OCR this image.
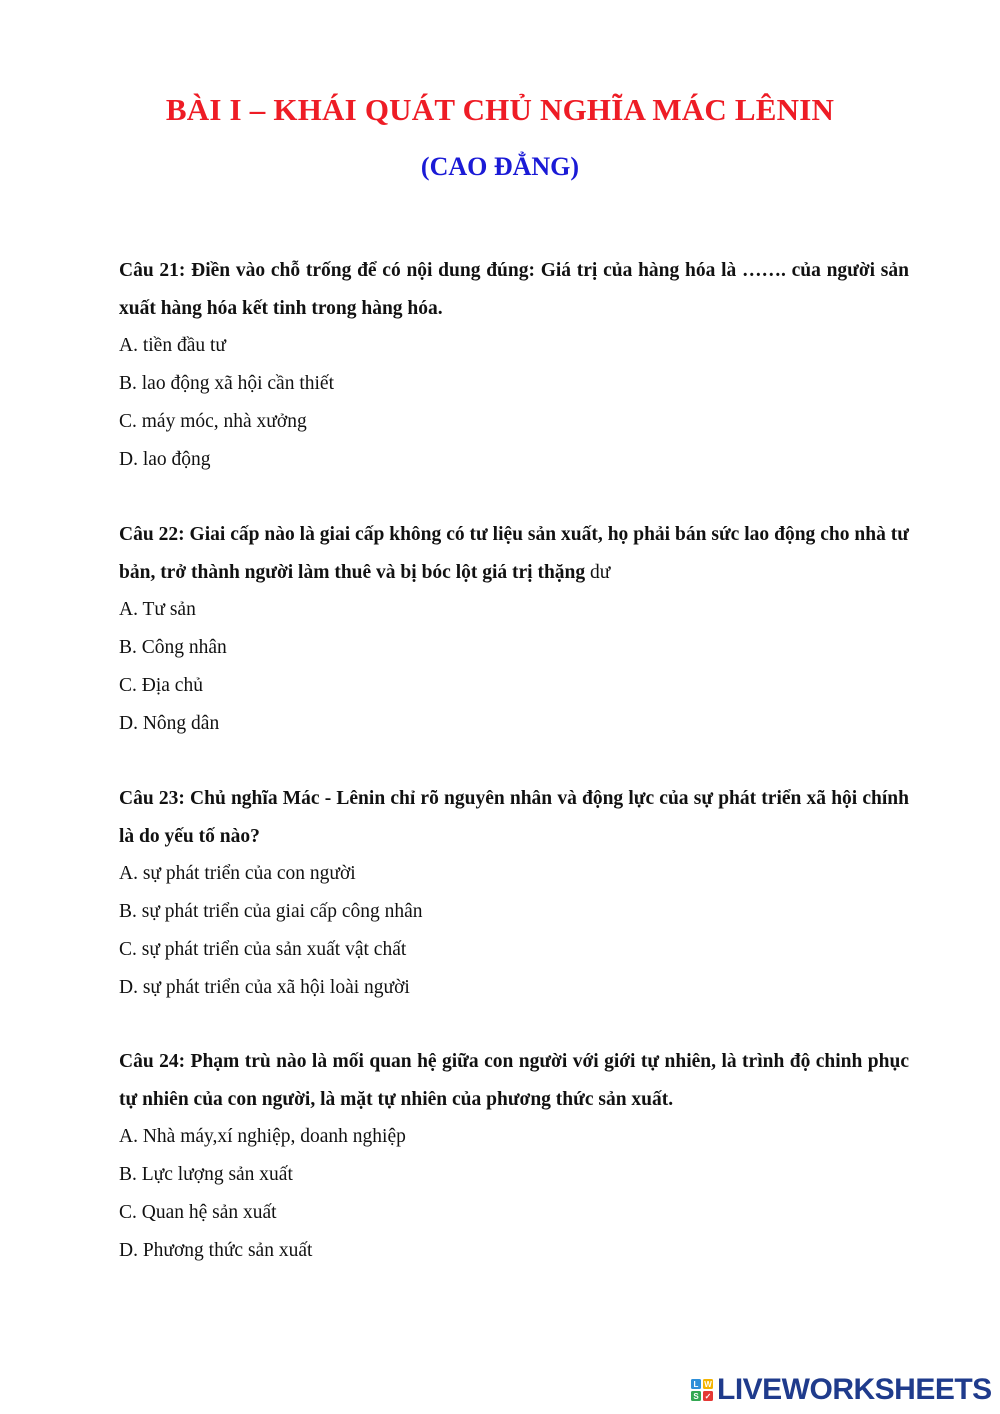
BÀI I – KHÁI QUÁT CHỦ NGHĨA MÁC LÊNIN
(CAO ĐẲNG)
Câu 21: Điền vào chỗ trống để có nội dung đúng: Giá trị của hàng hóa là ……. của người sản xuất hàng hóa kết tinh trong hàng hóa.
A. tiền đầu tư
B. lao động xã hội cần thiết
C. máy móc, nhà xưởng
D. lao động
Câu 22: Giai cấp nào là giai cấp không có tư liệu sản xuất, họ phải bán sức lao động cho nhà tư bản, trở thành người làm thuê và bị bóc lột giá trị thặng dư
A. Tư sản
B. Công nhân
C. Địa chủ
D. Nông dân
Câu 23: Chủ nghĩa Mác - Lênin chỉ rõ nguyên nhân và động lực của sự phát triển xã hội chính là do yếu tố nào?
A. sự phát triển của con người
B. sự phát triển của giai cấp công nhân
C. sự phát triển của sản xuất vật chất
D. sự phát triển của xã hội loài người
Câu 24: Phạm trù nào là mối quan hệ giữa con người với giới tự nhiên, là trình độ chinh phục tự nhiên của con người, là mặt tự nhiên của phương thức sản xuất.
A. Nhà máy,xí nghiệp, doanh nghiệp
B. Lực lượng sản xuất
C. Quan hệ sản xuất
D. Phương thức sản xuất
L W
S ✓ LIVEWORKSHEETS
